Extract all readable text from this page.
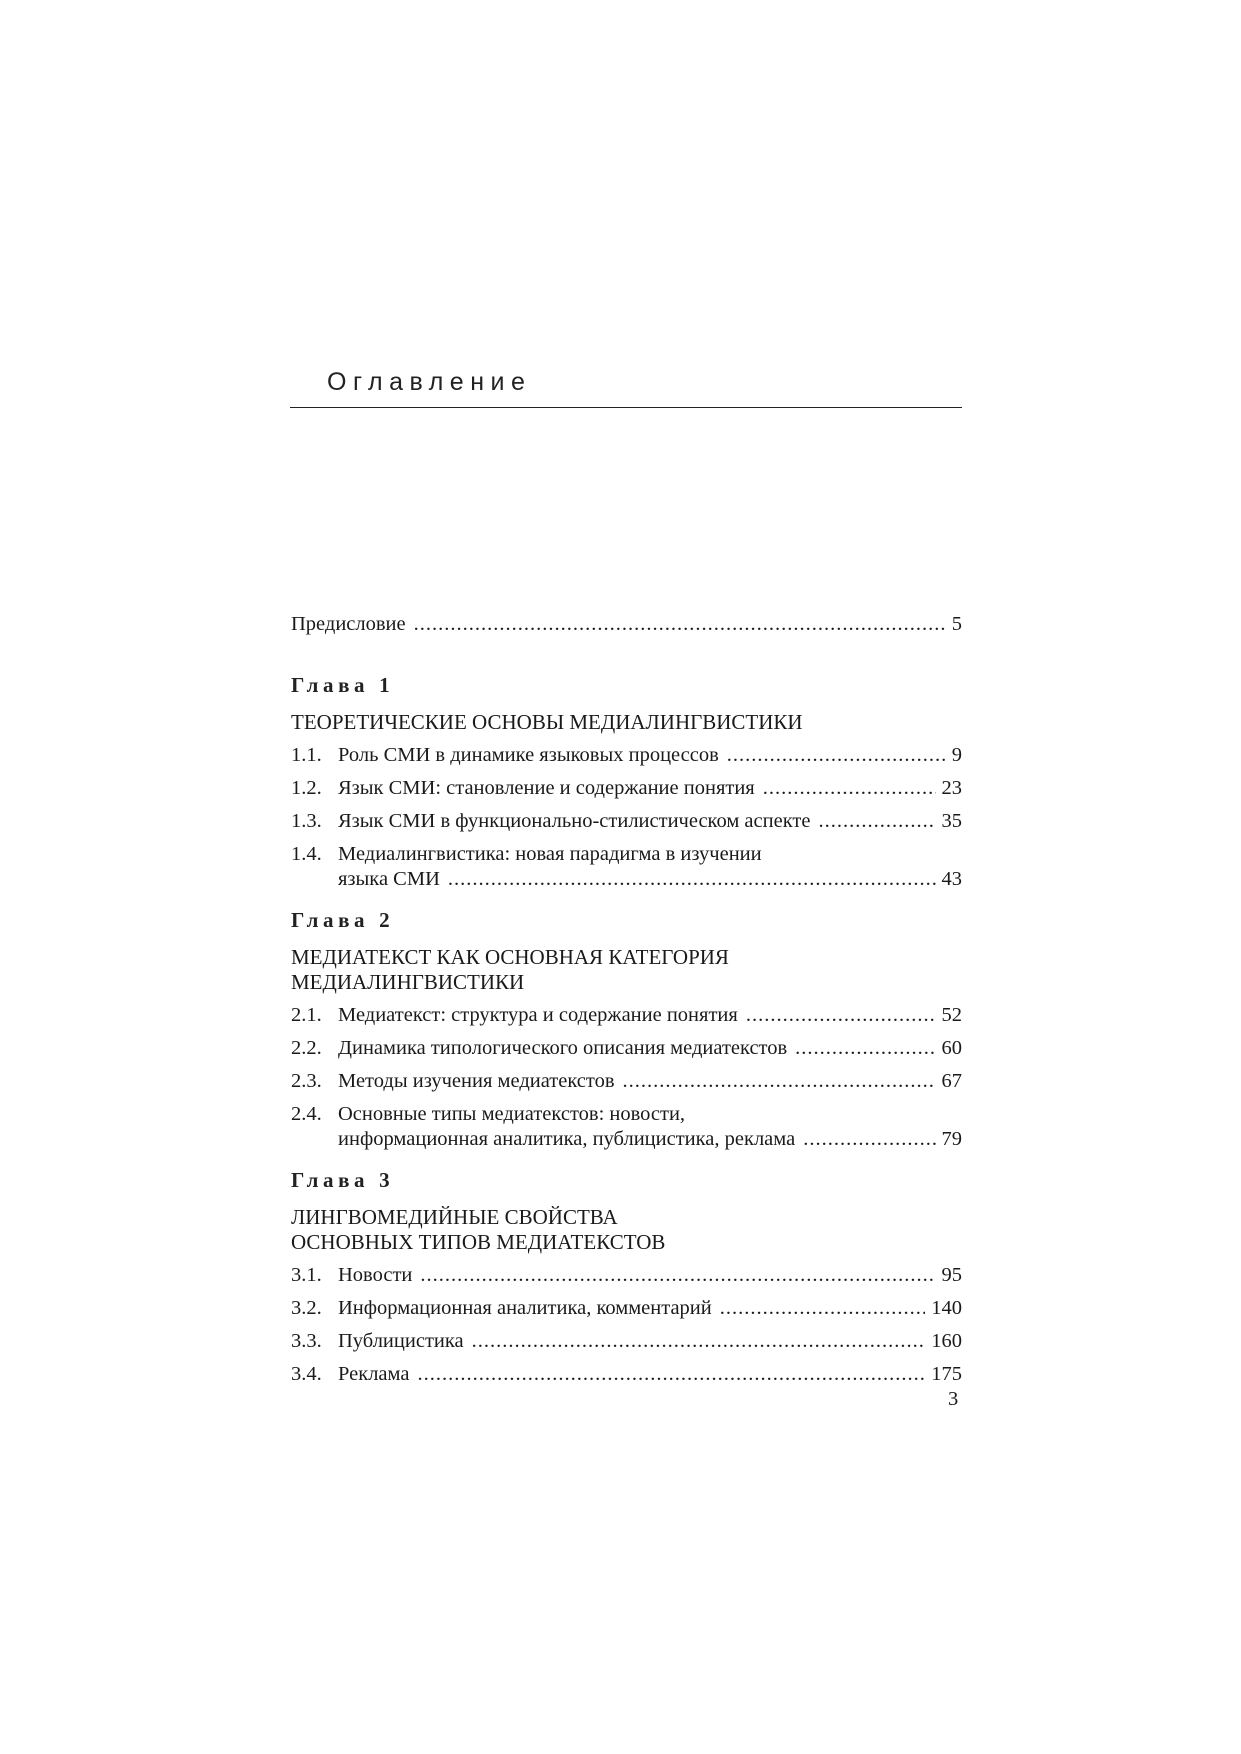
Оглавление
Предисловие .....	5
Глава 1
ТЕОРЕТИЧЕСКИЕ ОСНОВЫ МЕДИАЛИНГВИСТИКИ
1.1. Роль СМИ в динамике языковых процессов .....	9
1.2. Язык СМИ: становление и содержание понятия .....	23
1.3. Язык СМИ в функционально-стилистическом аспекте .....	35
1.4. Медиалингвистика: новая парадигма в изучении
языка СМИ .....	43
Глава 2
МЕДИАТЕКСТ КАК ОСНОВНАЯ КАТЕГОРИЯ
МЕДИАЛИНГВИСТИКИ
2.1. Медиатекст: структура и содержание понятия .....	52
2.2. Динамика типологического описания медиатекстов .....	60
2.3. Методы изучения медиатекстов .....	67
2.4. Основные типы медиатекстов: новости,
информационная аналитика, публицистика, реклама .....	79
Глава 3
ЛИНГВОМЕДИЙНЫЕ СВОЙСТВА
ОСНОВНЫХ ТИПОВ МЕДИАТЕКСТОВ
3.1. Новости .....	95
3.2. Информационная аналитика, комментарий .....	140
3.3. Публицистика .....	160
3.4. Реклама .....	175
3
